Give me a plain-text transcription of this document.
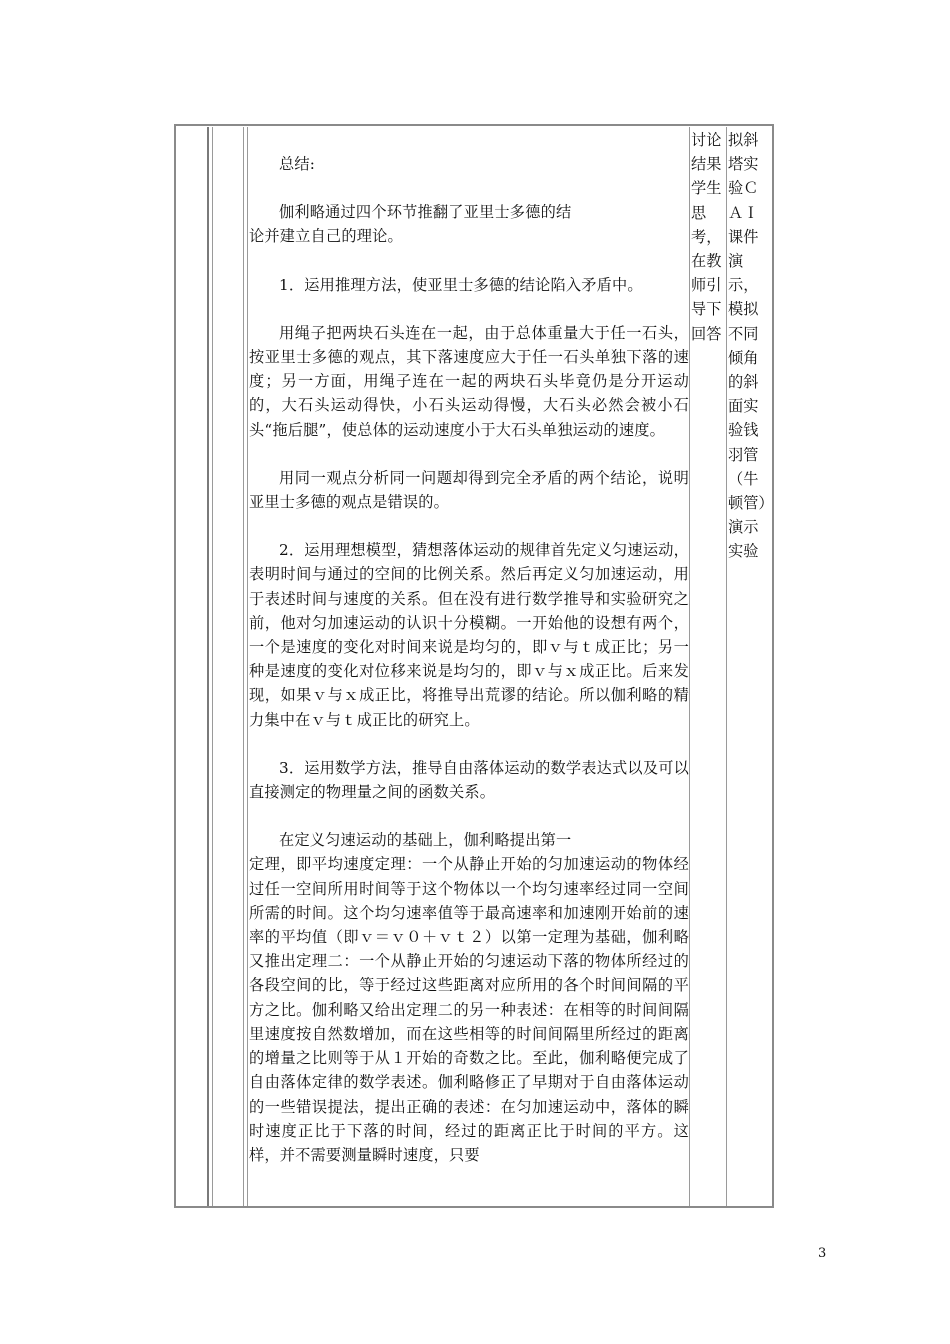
总结:

伽利略通过四个环节推翻了亚里士多德的结

论并建立自己的理论。

1．运用推理方法，使亚里士多德的结论陷入矛盾中。

用绳子把两块石头连在一起，由于总体重量大于任一石头，按亚里士多德的观点，其下落速度应大于任一石头单独下落的速度；另一方面，用绳子连在一起的两块石头毕竟仍是分开运动的，大石头运动得快，小石头运动得慢，大石头必然会被小石头“拖后腿”，使总体的运动速度小于大石头单独运动的速度。

用同一观点分析同一问题却得到完全矛盾的两个结论，说明亚里士多德的观点是错误的。

2．运用理想模型，猜想落体运动的规律首先定义匀速运动，表明时间与通过的空间的比例关系。然后再定义匀加速运动，用于表述时间与速度的关系。但在没有进行数学推导和实验研究之前，他对匀加速运动的认识十分模糊。一开始他的设想有两个，一个是速度的变化对时间来说是均匀的，即ｖ与ｔ成正比；另一种是速度的变化对位移来说是均匀的，即ｖ与ｘ成正比。后来发现，如果ｖ与ｘ成正比，将推导出荒谬的结论。所以伽利略的精力集中在ｖ与ｔ成正比的研究上。

3．运用数学方法，推导自由落体运动的数学表达式以及可以直接测定的物理量之间的函数关系。

在定义匀速运动的基础上，伽利略提出第一

定理，即平均速度定理：一个从静止开始的匀加速运动的物体经过任一空间所用时间等于这个物体以一个均匀速率经过同一空间所需的时间。这个均匀速率值等于最高速率和加速刚开始前的速率的平均值（即ｖ＝ｖ０＋ｖｔ２）以第一定理为基础，伽利略又推出定理二：一个从静止开始的匀速运动下落的物体所经过的各段空间的比，等于经过这些距离对应所用的各个时间间隔的平方之比。伽利略又给出定理二的另一种表述：在相等的时间间隔里速度按自然数增加，而在这些相等的时间间隔里所经过的距离的增量之比则等于从１开始的奇数之比。至此，伽利略便完成了自由落体定律的数学表述。伽利略修正了早期对于自由落体运动的一些错误提法，提出正确的表述：在匀加速运动中，落体的瞬时速度正比于下落的时间，经过的距离正比于时间的平方。这样，并不需要测量瞬时速度，只要

讨论结果学生思考，在教师引导下回答
拟斜塔实验ＣＡＩ课件演示，模拟不同倾角的斜面实验钱羽管（牛顿管）演示实验
3
